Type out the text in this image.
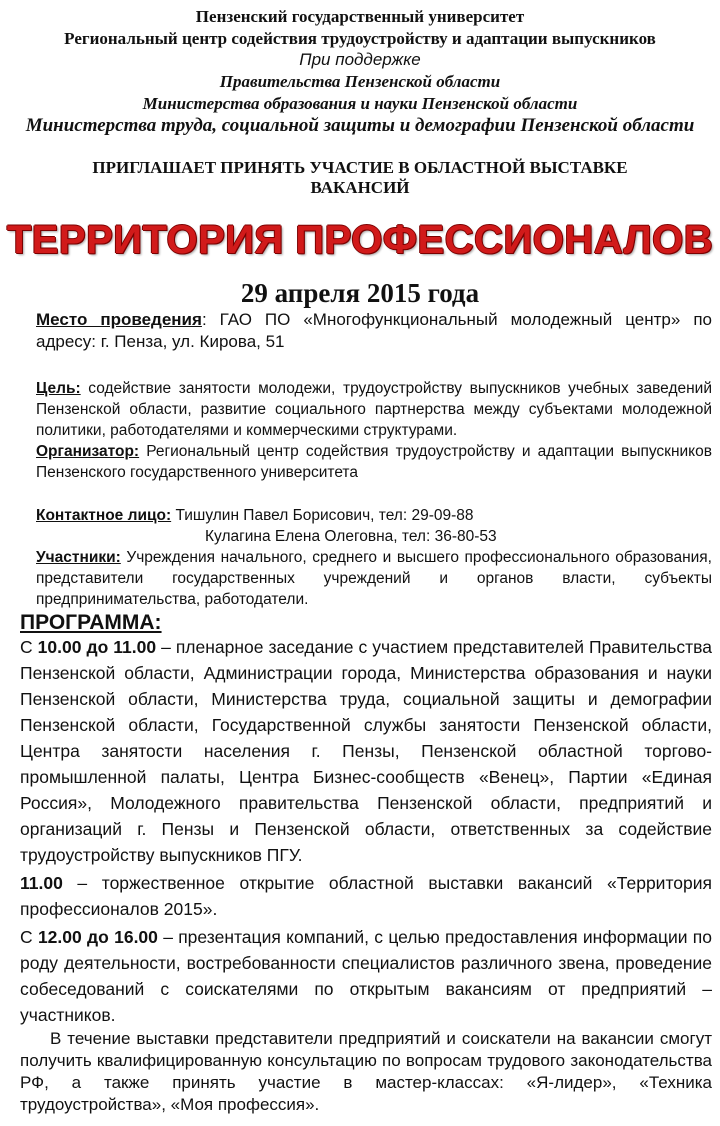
Пензенский государственный университет
Региональный центр содействия трудоустройству и адаптации выпускников
При поддержке
Правительства Пензенской области
Министерства образования и науки Пензенской области
Министерства труда, социальной защиты и демографии Пензенской области
ПРИГЛАШАЕТ ПРИНЯТЬ УЧАСТИЕ В ОБЛАСТНОЙ ВЫСТАВКЕ
ВАКАНСИЙ
ТЕРРИТОРИЯ ПРОФЕССИОНАЛОВ
29 апреля 2015 года
Место проведения: ГАО ПО «Многофункциональный молодежный центр» по адресу: г. Пенза, ул. Кирова, 51
Цель: содействие занятости молодежи, трудоустройству выпускников учебных заведений Пензенской области, развитие социального партнерства между субъектами молодежной политики, работодателями и коммерческими структурами.
Организатор: Региональный центр содействия трудоустройству и адаптации выпускников Пензенского государственного университета
Контактное лицо: Тишулин Павел Борисович, тел: 29-09-88
Кулагина Елена Олеговна, тел: 36-80-53
Участники: Учреждения начального, среднего и высшего профессионального образования, представители государственных учреждений и органов власти, субъекты предпринимательства, работодатели.
ПРОГРАММА:
С 10.00 до 11.00 – пленарное заседание с участием представителей Правительства Пензенской области, Администрации города, Министерства образования и науки Пензенской области, Министерства труда, социальной защиты и демографии Пензенской области, Государственной службы занятости Пензенской области, Центра занятости населения г. Пензы, Пензенской областной торгово-промышленной палаты, Центра Бизнес-сообществ «Венец», Партии «Единая Россия», Молодежного правительства Пензенской области, предприятий и организаций г. Пензы и Пензенской области, ответственных за содействие трудоустройству выпускников ПГУ.
11.00 – торжественное открытие областной выставки вакансий «Территория профессионалов 2015».
С 12.00 до 16.00 – презентация компаний, с целью предоставления информации по роду деятельности, востребованности специалистов различного звена, проведение собеседований с соискателями по открытым вакансиям от предприятий – участников.
В течение выставки представители предприятий и соискатели на вакансии смогут получить квалифицированную консультацию по вопросам трудового законодательства РФ, а также принять участие в мастер-классах: «Я-лидер», «Техника трудоустройства», «Моя профессия».
